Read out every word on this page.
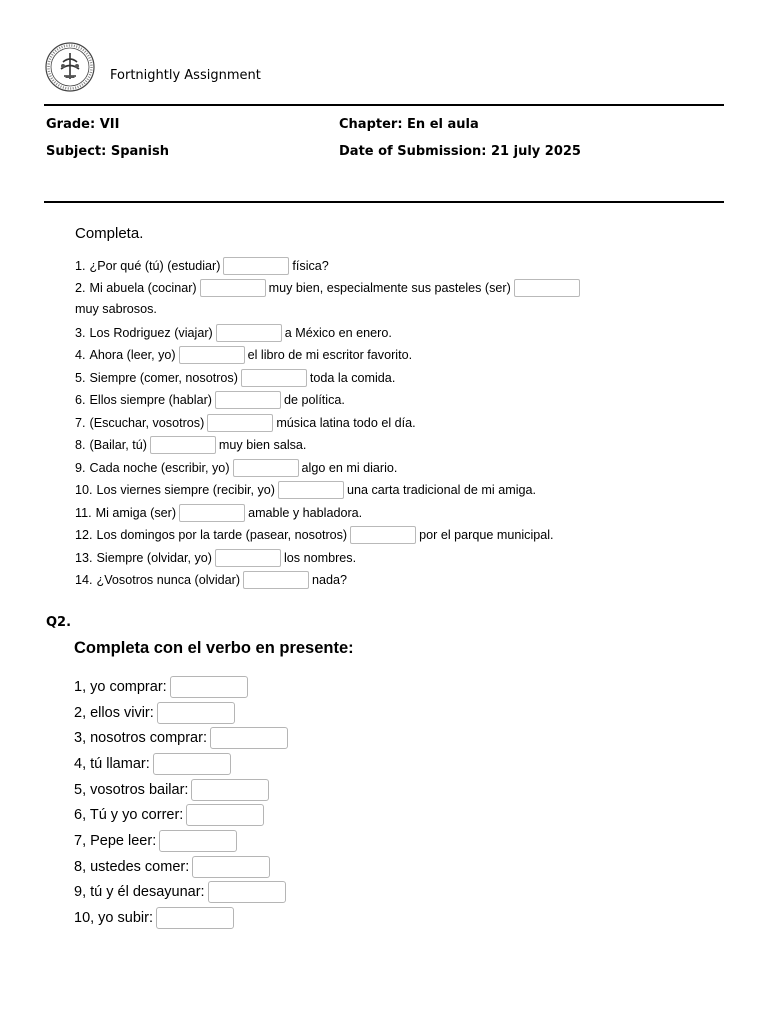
Fortnightly Assignment
Grade: VII	Chapter: En el aula
Subject: Spanish	Date of Submission: 21 july 2025
Completa.
1. ¿Por qué (tú) (estudiar)	física?
muy sabrosos.
2. Mi abuela (cocinar)	muy bien, especialmente sus pasteles (ser)
3. Los Rodriguez (viajar)	a México en enero.
4. Ahora (leer, yo)	el libro de mi escritor favorito.
5. Siempre (comer, nosotros)	toda la comida.
6. Ellos siempre (hablar)	de política.
7. (Escuchar, vosotros)	música latina todo el día.
8. (Bailar, tú)	muy bien salsa.
9. Cada noche (escribir, yo)	algo en mi diario.
10. Los viernes siempre (recibir, yo)	una carta tradicional de mi amiga.
11. Mi amiga (ser)	amable y habladora.
12. Los domingos por la tarde (pasear, nosotros)	por el parque municipal.
13. Siempre (olvidar, yo)	los nombres.
14. ¿Vosotros nunca (olvidar)	nada?
Q2.
Completa con el verbo en presente:
1, yo comprar:
2, ellos vivir:
3, nosotros comprar:
4, tú llamar:
5, vosotros bailar:
6, Tú y yo correr:
7, Pepe leer:
8, ustedes comer:
9, tú y él desayunar:
10, yo subir:
